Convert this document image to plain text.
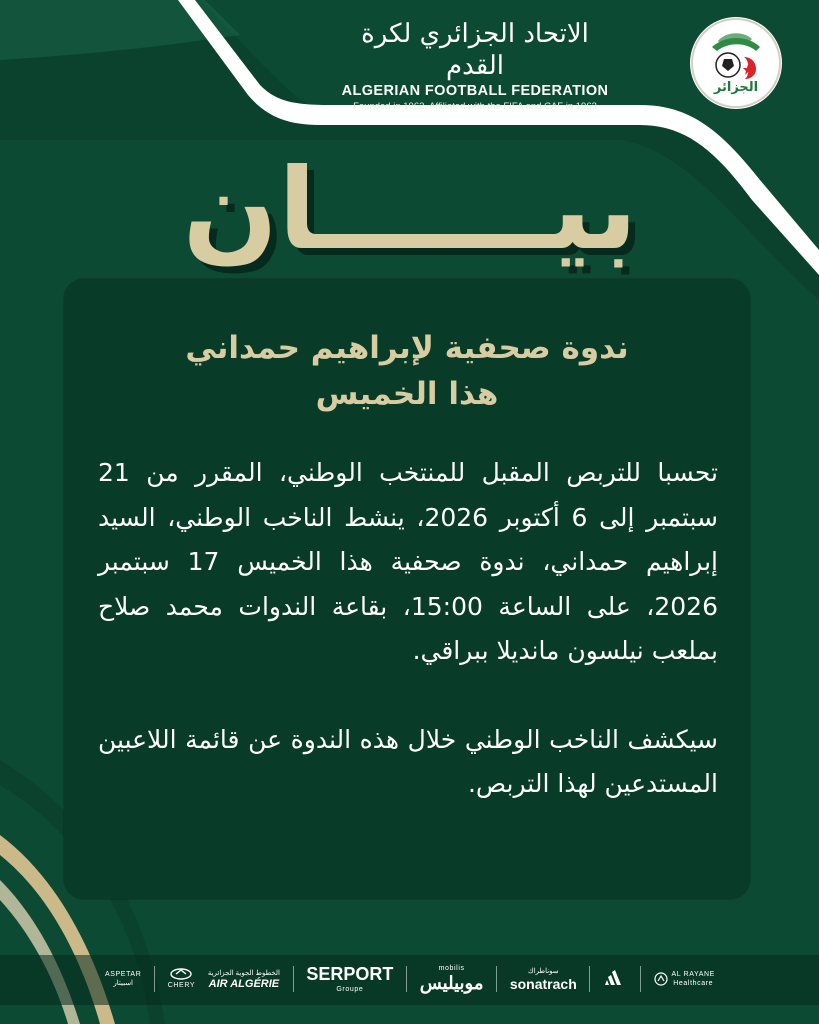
الاتحاد الجزائري لكرة القدم
ALGERIAN FOOTBALL FEDERATION
Founded in 1962, Affiliated with the FIFA and CAF in 1963
الجزائر
بيــــــان
ندوة صحفية لإبراهيم حمداني
هذا الخميس

تحسبا للتربص المقبل للمنتخب الوطني، المقرر من 21 سبتمبر إلى 6 أكتوبر 2026، ينشط الناخب الوطني، السيد إبراهيم حمداني، ندوة صحفية هذا الخميس 17 سبتمبر 2026، على الساعة 15:00، بقاعة الندوات محمد صلاح بملعب نيلسون مانديلا ببراقي.

سيكشف الناخب الوطني خلال هذه الندوة عن قائمة اللاعبين المستدعين لهذا التربص.

ASPETAR
اسبيتار	CHERY
الخطوط الجوية الجزائرية
AIR ALGÉRIE SERPORT
Groupe
mobilis
موبيليس
سوناطراك
sonatrach
AL RAYANE
Healthcare
